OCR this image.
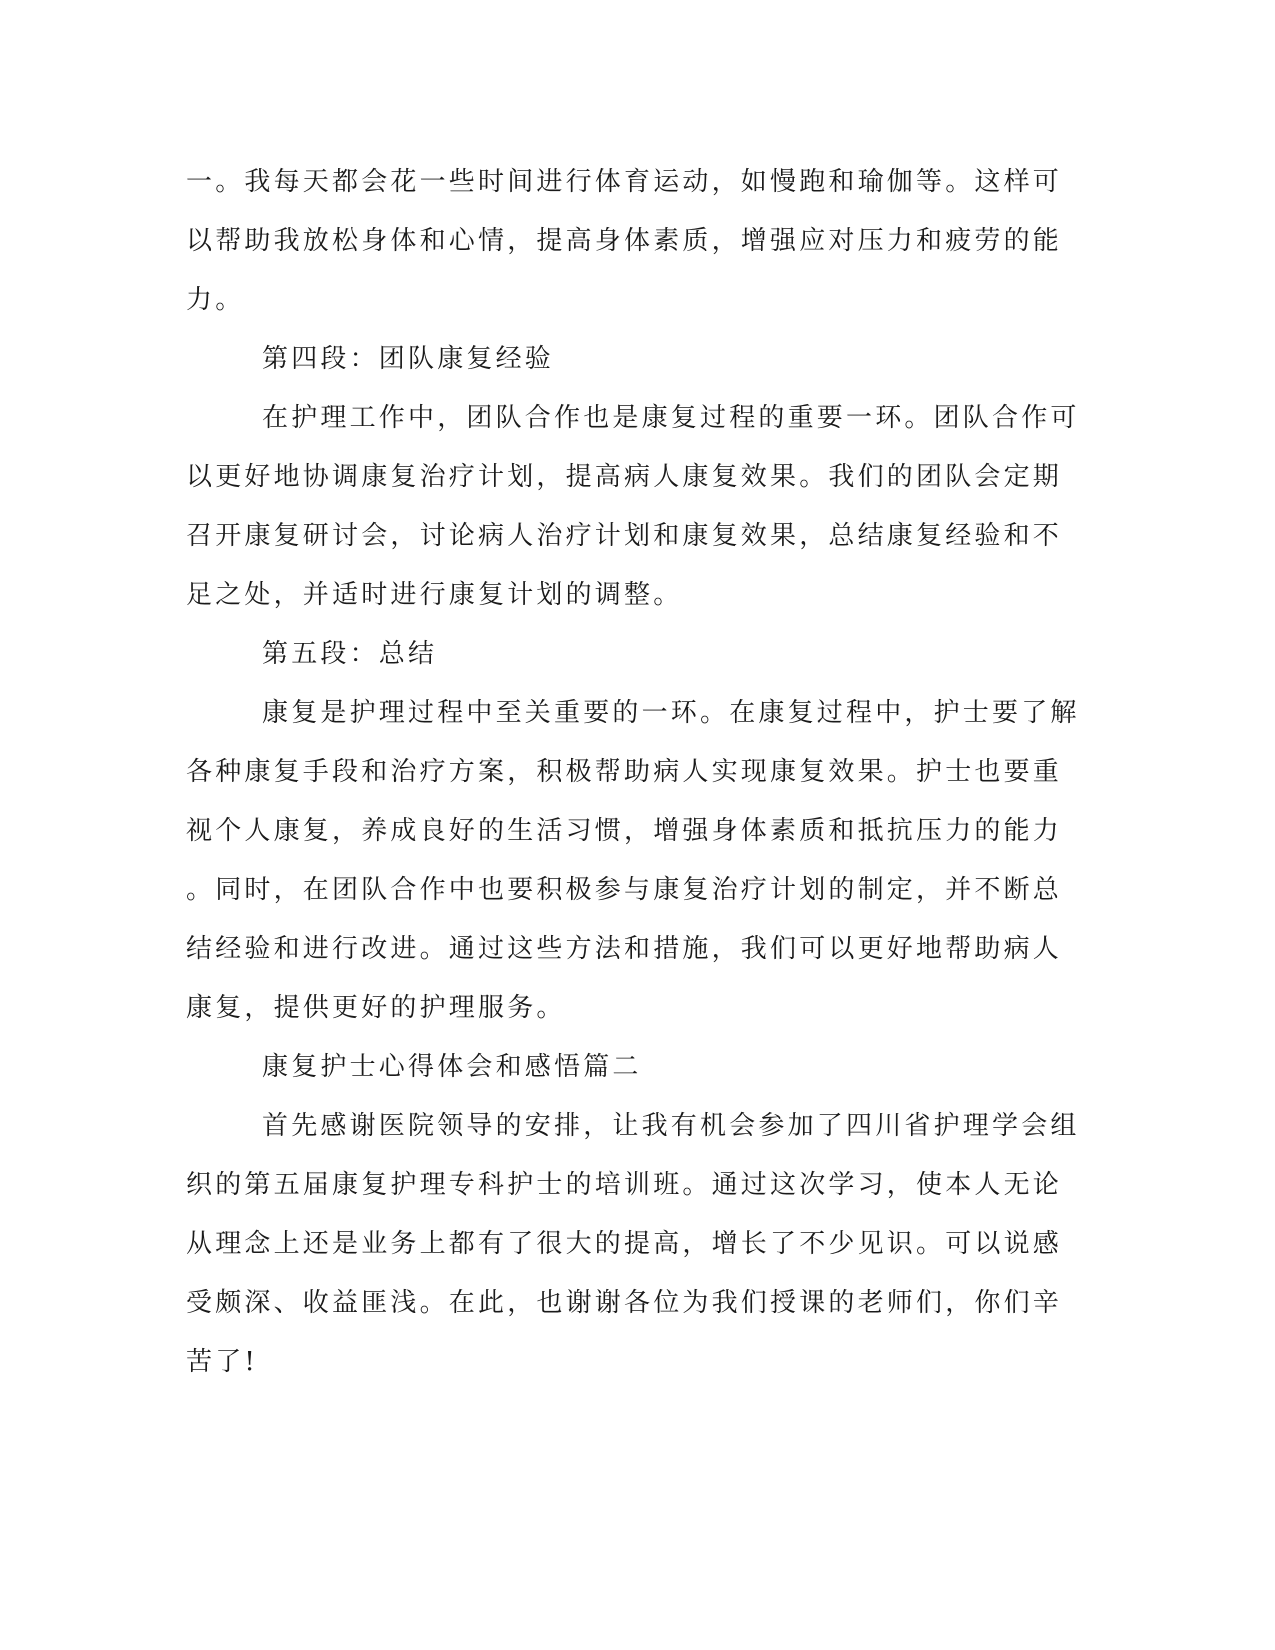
一。我每天都会花一些时间进行体育运动，如慢跑和瑜伽等。这样可
以帮助我放松身体和心情，提高身体素质，增强应对压力和疲劳的能
力。
第四段：团队康复经验
在护理工作中，团队合作也是康复过程的重要一环。团队合作可
以更好地协调康复治疗计划，提高病人康复效果。我们的团队会定期
召开康复研讨会，讨论病人治疗计划和康复效果，总结康复经验和不
足之处，并适时进行康复计划的调整。
第五段：总结
康复是护理过程中至关重要的一环。在康复过程中，护士要了解
各种康复手段和治疗方案，积极帮助病人实现康复效果。护士也要重
视个人康复，养成良好的生活习惯，增强身体素质和抵抗压力的能力
。同时，在团队合作中也要积极参与康复治疗计划的制定，并不断总
结经验和进行改进。通过这些方法和措施，我们可以更好地帮助病人
康复，提供更好的护理服务。
康复护士心得体会和感悟篇二
首先感谢医院领导的安排，让我有机会参加了四川省护理学会组
织的第五届康复护理专科护士的培训班。通过这次学习，使本人无论
从理念上还是业务上都有了很大的提高，增长了不少见识。可以说感
受颇深、收益匪浅。在此，也谢谢各位为我们授课的老师们，你们辛
苦了!
